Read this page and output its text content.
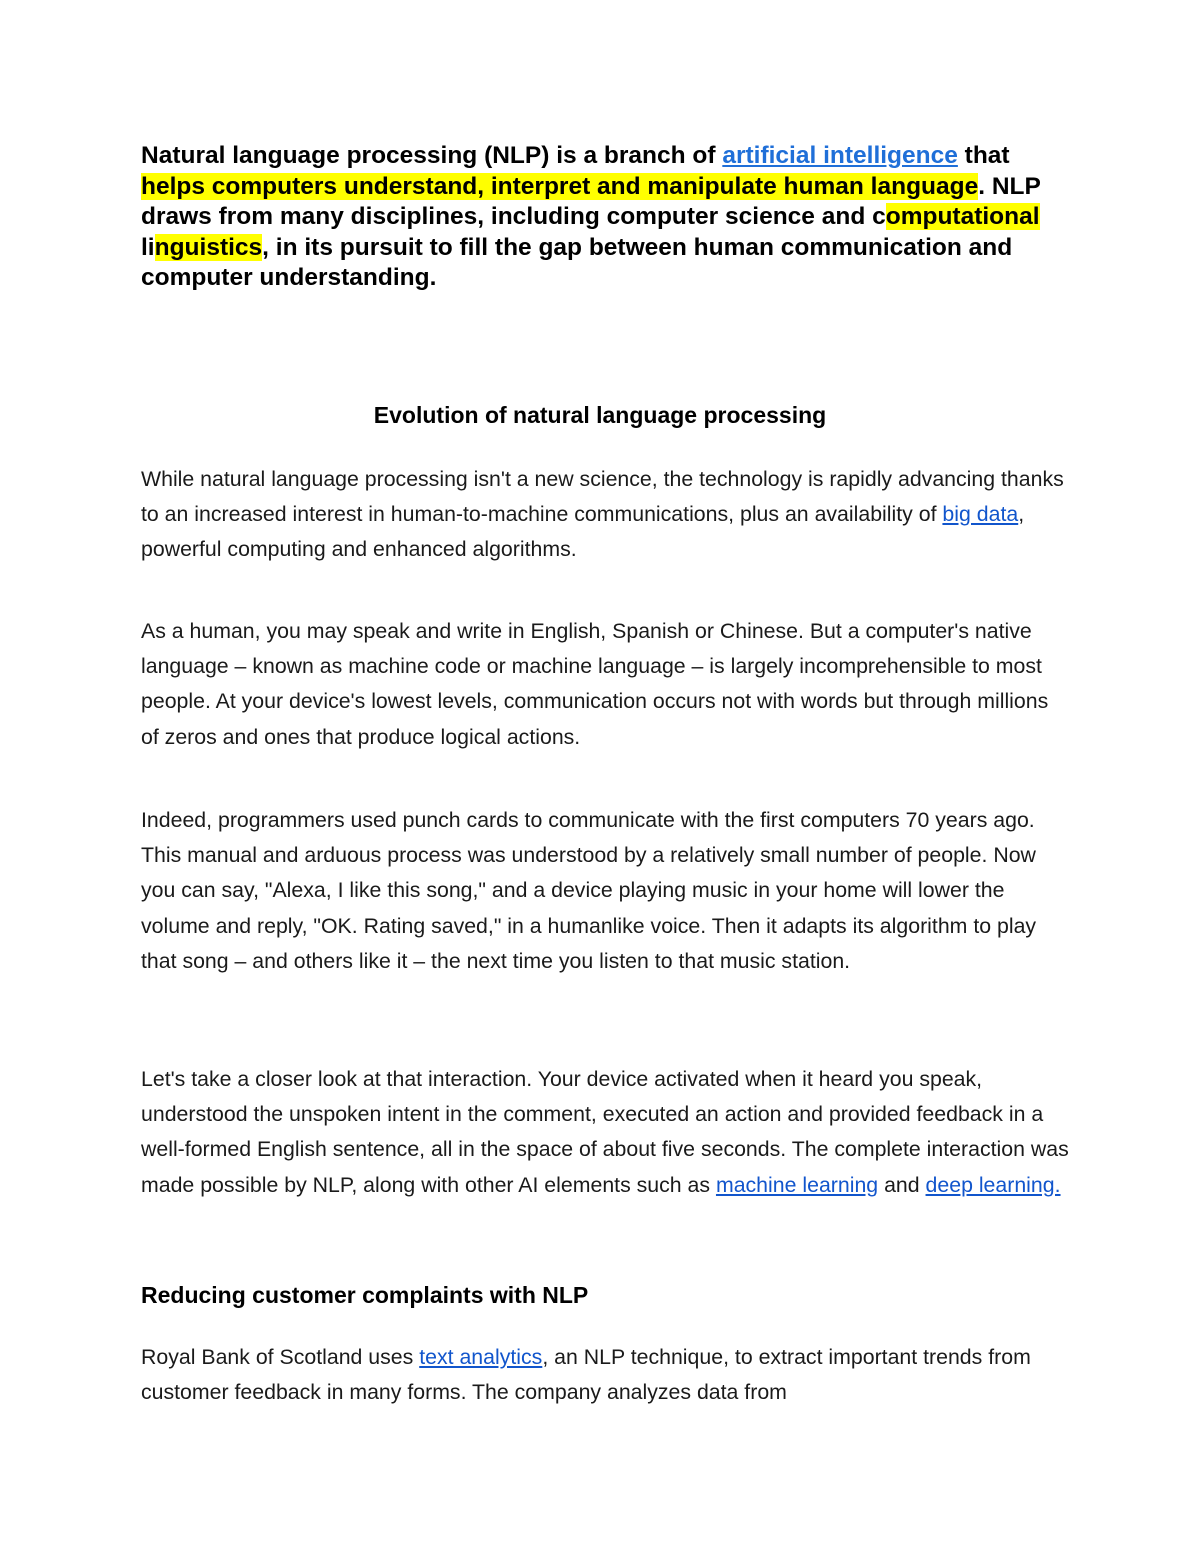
Natural language processing (NLP) is a branch of artificial intelligence that helps computers understand, interpret and manipulate human language. NLP draws from many disciplines, including computer science and computational linguistics, in its pursuit to fill the gap between human communication and computer understanding.

Evolution of natural language processing

While natural language processing isn't a new science, the technology is rapidly advancing thanks to an increased interest in human-to-machine communications, plus an availability of big data, powerful computing and enhanced algorithms.

As a human, you may speak and write in English, Spanish or Chinese. But a computer's native language – known as machine code or machine language – is largely incomprehensible to most people. At your device's lowest levels, communication occurs not with words but through millions of zeros and ones that produce logical actions.

Indeed, programmers used punch cards to communicate with the first computers 70 years ago. This manual and arduous process was understood by a relatively small number of people. Now you can say, "Alexa, I like this song," and a device playing music in your home will lower the volume and reply, "OK. Rating saved," in a humanlike voice. Then it adapts its algorithm to play that song – and others like it – the next time you listen to that music station.

Let's take a closer look at that interaction. Your device activated when it heard you speak, understood the unspoken intent in the comment, executed an action and provided feedback in a well-formed English sentence, all in the space of about five seconds. The complete interaction was made possible by NLP, along with other AI elements such as machine learning and deep learning.

Reducing customer complaints with NLP

Royal Bank of Scotland uses text analytics, an NLP technique, to extract important trends from customer feedback in many forms. The company analyzes data from
